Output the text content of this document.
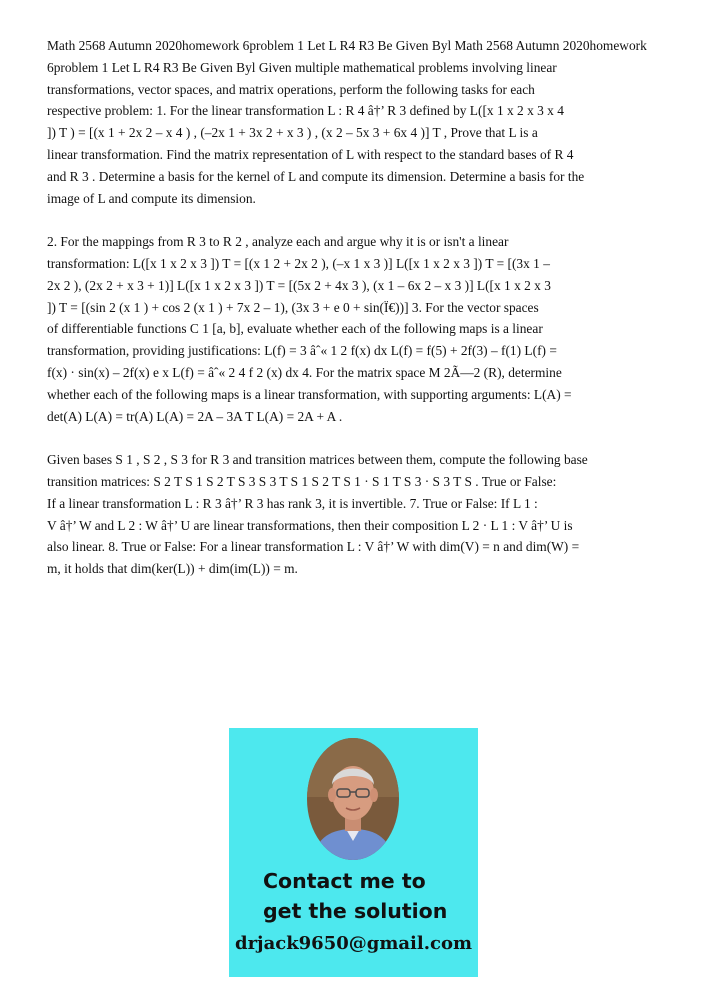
Math 2568 Autumn 2020homework 6problem 1 Let L R4 R3 Be Given Byl Math 2568 Autumn 2020homework
6problem 1 Let L R4 R3 Be Given Byl Given multiple mathematical problems involving linear
transformations, vector spaces, and matrix operations, perform the following tasks for each
respective problem: 1. For the linear transformation L : R 4 â†’ R 3 defined by L([x 1 x 2 x 3 x 4
]) T ) = [(x 1 + 2x 2 – x 4 ) , (–2x 1 + 3x 2 + x 3 ) , (x 2 – 5x 3 + 6x 4 )] T , Prove that L is a
linear transformation. Find the matrix representation of L with respect to the standard bases of R 4
and R 3 . Determine a basis for the kernel of L and compute its dimension. Determine a basis for the
image of L and compute its dimension.

2. For the mappings from R 3 to R 2 , analyze each and argue why it is or isn't a linear
transformation: L([x 1 x 2 x 3 ]) T = [(x 1 2 + 2x 2 ), (–x 1 x 3 )] L([x 1 x 2 x 3 ]) T = [(3x 1 –
2x 2 ), (2x 2 + x 3 + 1)] L([x 1 x 2 x 3 ]) T = [(5x 2 + 4x 3 ), (x 1 – 6x 2 – x 3 )] L([x 1 x 2 x 3
]) T = [(sin 2 (x 1 ) + cos 2 (x 1 ) + 7x 2 – 1), (3x 3 + e 0 + sin(Ï€))] 3. For the vector spaces
of differentiable functions C 1 [a, b], evaluate whether each of the following maps is a linear
transformation, providing justifications: L(f) = 3 âˆ« 1 2 f(x) dx L(f) = f(5) + 2f(3) – f(1) L(f) =
f(x) · sin(x) – 2f(x) e x L(f) = âˆ« 2 4 f 2 (x) dx 4. For the matrix space M 2Ã—2 (R), determine
whether each of the following maps is a linear transformation, with supporting arguments: L(A) =
det(A) L(A) = tr(A) L(A) = 2A – 3A T L(A) = 2A + A .

Given bases S 1 , S 2 , S 3 for R 3 and transition matrices between them, compute the following base
transition matrices: S 2 T S 1 S 2 T S 3 S 3 T S 1 S 2 T S 1 · S 1 T S 3 · S 3 T S . True or False:
If a linear transformation L : R 3 â†’ R 3 has rank 3, it is invertible. 7. True or False: If L 1 :
V â†’ W and L 2 : W â†’ U are linear transformations, then their composition L 2 · L 1 : V â†’ U is
also linear. 8. True or False: For a linear transformation L : V â†’ W with dim(V) = n and dim(W) =
m, it holds that dim(ker(L)) + dim(im(L)) = m.

Contact me to
get the solution
drjack9650@gmail.com
